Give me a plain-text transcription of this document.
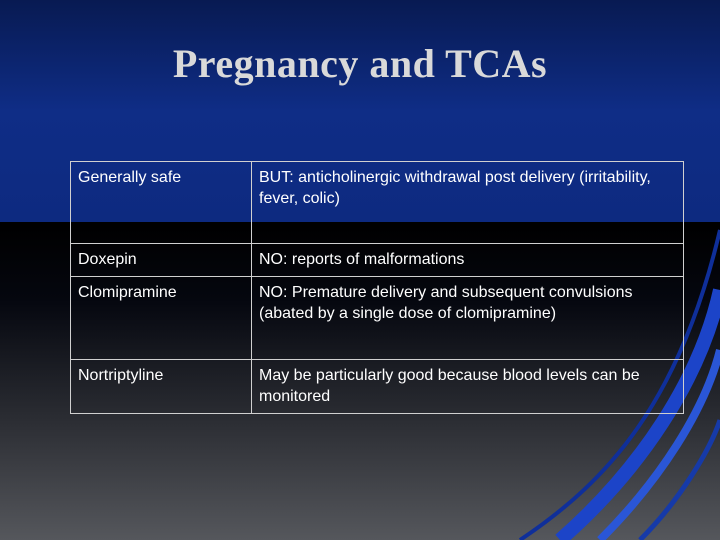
Pregnancy and TCAs
Generally safe	BUT: anticholinergic withdrawal post delivery (irritability, fever, colic)
Doxepin	NO: reports of malformations
Clomipramine	NO: Premature delivery and subsequent convulsions (abated by a single dose of clomipramine)
Nortriptyline	May be particularly good because blood levels can be monitored
